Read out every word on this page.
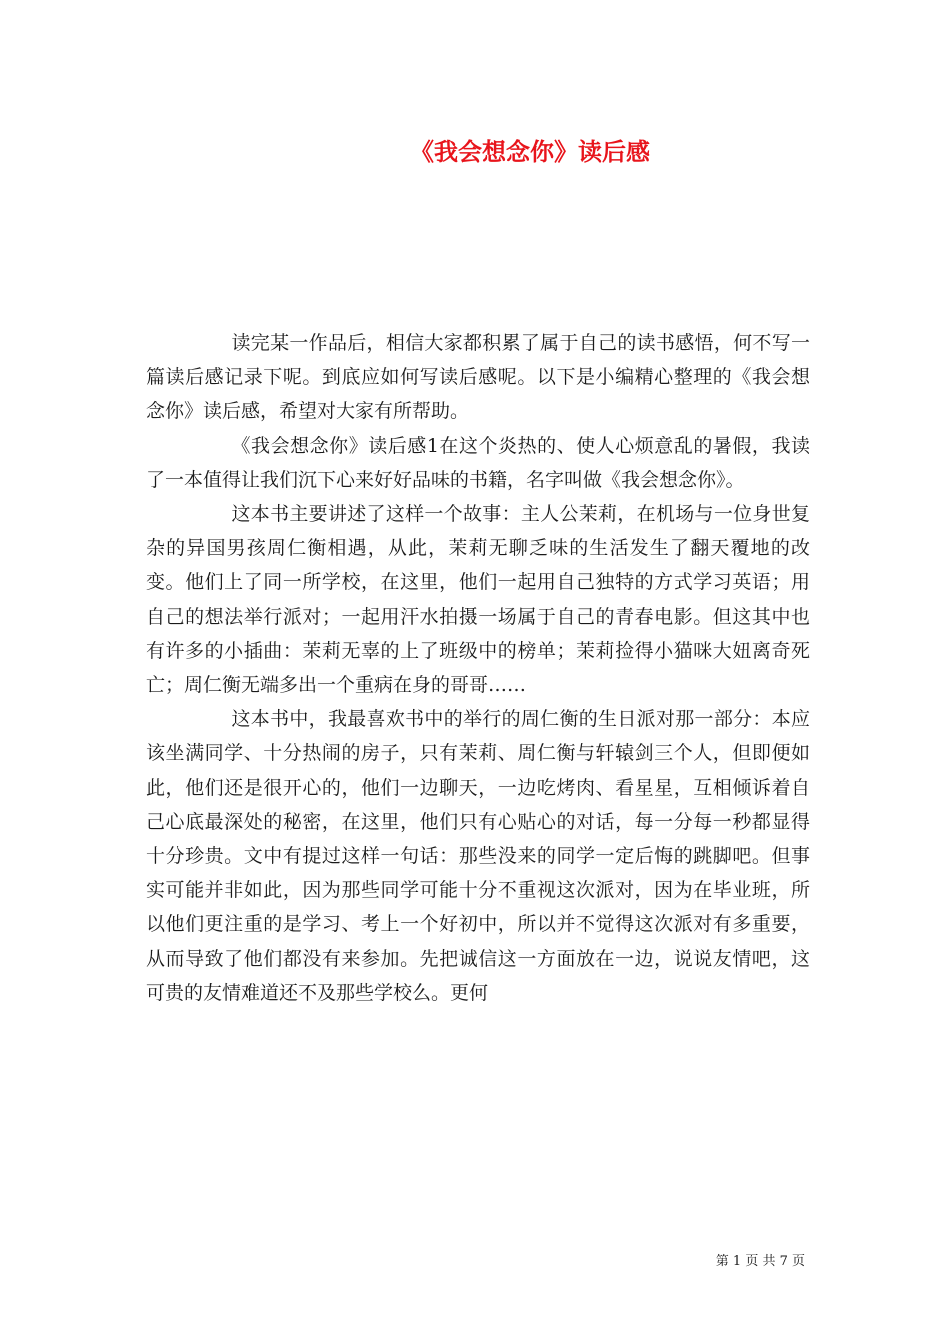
《我会想念你》读后感

读完某一作品后，相信大家都积累了属于自己的读书感悟，何不写一篇读后感记录下呢。到底应如何写读后感呢。以下是小编精心整理的《我会想念你》读后感，希望对大家有所帮助。

《我会想念你》读后感1在这个炎热的、使人心烦意乱的暑假，我读了一本值得让我们沉下心来好好品味的书籍，名字叫做《我会想念你》。

这本书主要讲述了这样一个故事：主人公茉莉，在机场与一位身世复杂的异国男孩周仁衡相遇，从此，茉莉无聊乏味的生活发生了翻天覆地的改变。他们上了同一所学校，在这里，他们一起用自己独特的方式学习英语；用自己的想法举行派对；一起用汗水拍摄一场属于自己的青春电影。但这其中也有许多的小插曲：茉莉无辜的上了班级中的榜单；茉莉捡得小猫咪大妞离奇死亡；周仁衡无端多出一个重病在身的哥哥……

这本书中，我最喜欢书中的举行的周仁衡的生日派对那一部分：本应该坐满同学、十分热闹的房子，只有茉莉、周仁衡与轩辕剑三个人，但即便如此，他们还是很开心的，他们一边聊天，一边吃烤肉、看星星，互相倾诉着自己心底最深处的秘密，在这里，他们只有心贴心的对话，每一分每一秒都显得十分珍贵。文中有提过这样一句话：那些没来的同学一定后悔的跳脚吧。但事实可能并非如此，因为那些同学可能十分不重视这次派对，因为在毕业班，所以他们更注重的是学习、考上一个好初中，所以并不觉得这次派对有多重要，从而导致了他们都没有来参加。先把诚信这一方面放在一边，说说友情吧，这可贵的友情难道还不及那些学校么。更何

第 1 页 共 7 页
